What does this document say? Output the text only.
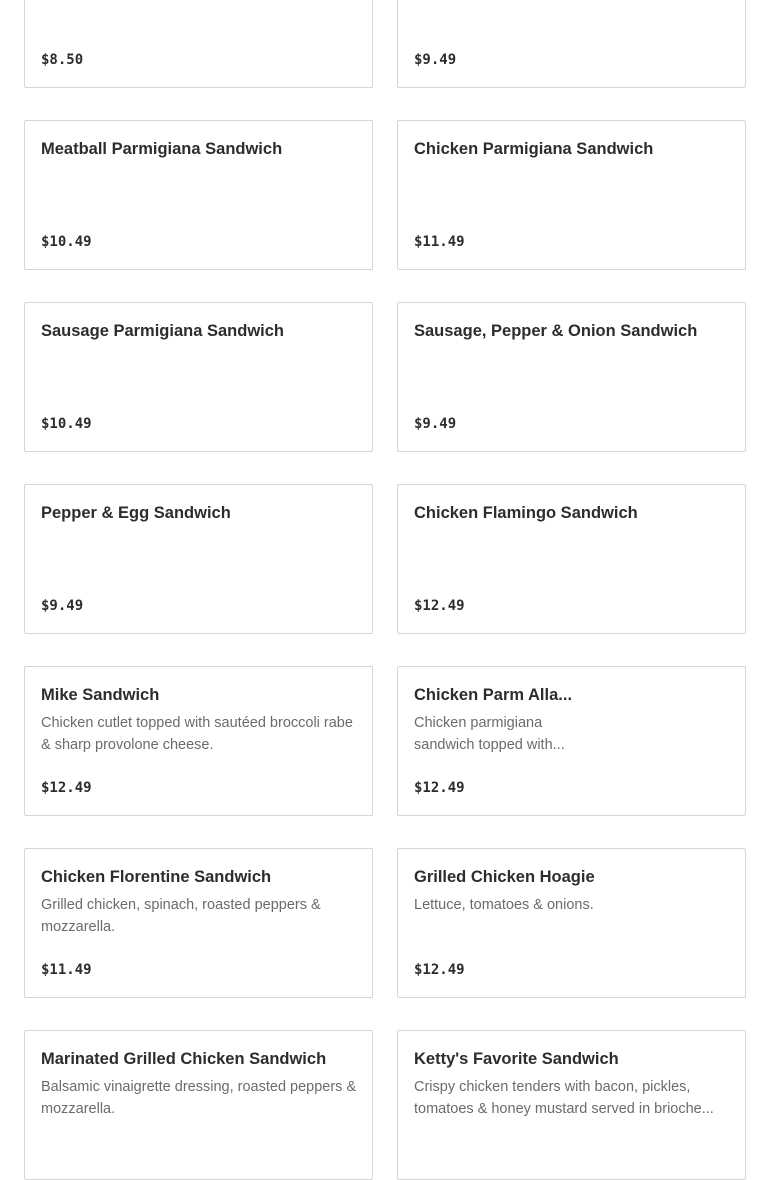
$8.50	$9.49
Meatball Parmigiana Sandwich
$10.49
Chicken Parmigiana Sandwich
$11.49
Sausage Parmigiana Sandwich
$10.49
Sausage, Pepper & Onion Sandwich
$9.49
Pepper & Egg Sandwich
$9.49
Chicken Flamingo Sandwich
$12.49
Mike Sandwich
Chicken cutlet topped with sautéed broccoli rabe & sharp provolone cheese.
$12.49
Chicken Parm Alla...
Chicken parmigiana sandwich topped with...
$12.49
Chicken Florentine Sandwich
Grilled chicken, spinach, roasted peppers & mozzarella.
$11.49
Grilled Chicken Hoagie
Lettuce, tomatoes & onions.
$12.49
Marinated Grilled Chicken Sandwich
Balsamic vinaigrette dressing, roasted peppers & mozzarella.
Ketty's Favorite Sandwich
Crispy chicken tenders with bacon, pickles, tomatoes & honey mustard served in brioche...
